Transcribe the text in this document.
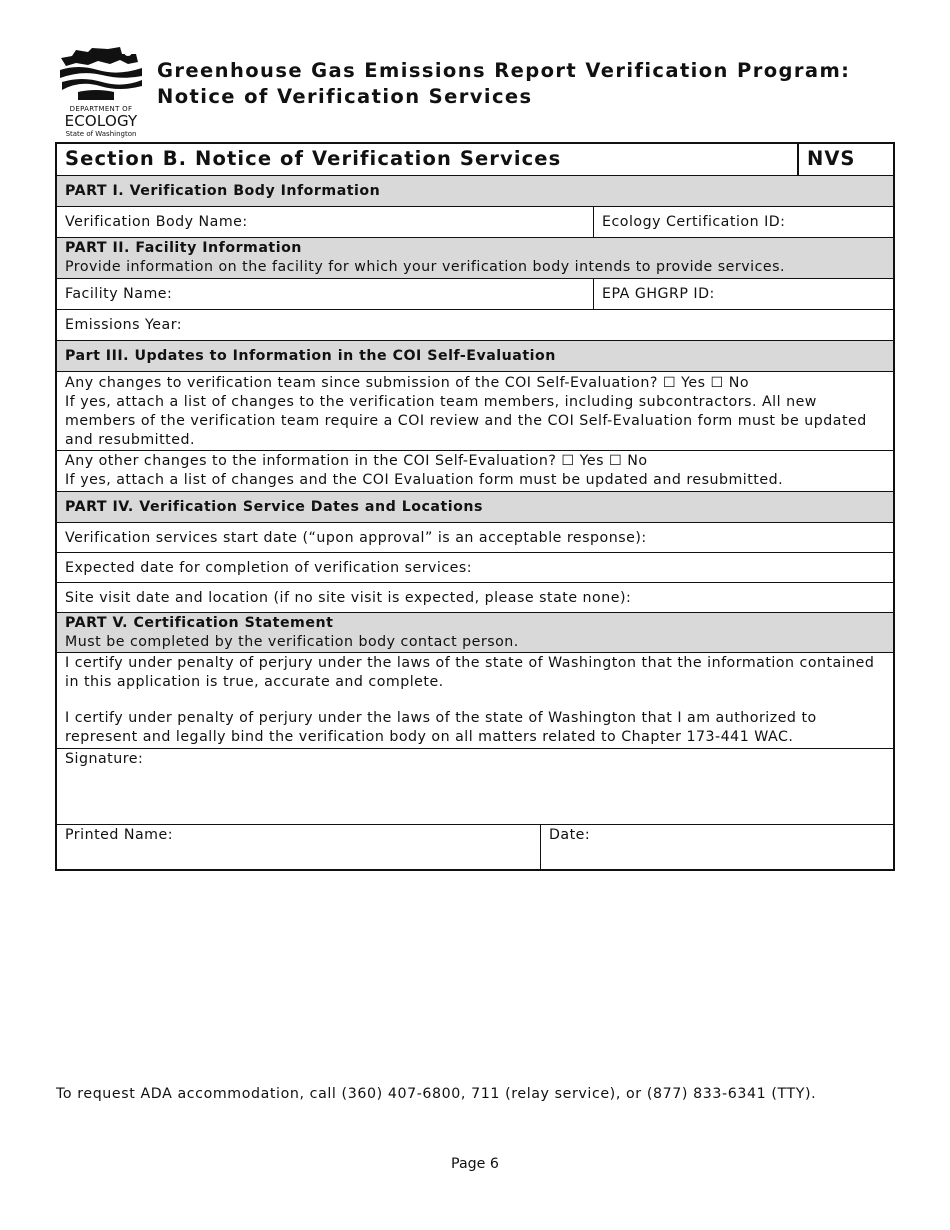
DEPARTMENT OF
ECOLOGY
State of Washington
Greenhouse Gas Emissions Report Verification Program:
Notice of Verification Services
Section B. Notice of Verification Services	NVS
PART I. Verification Body Information
Verification Body Name:	Ecology Certification ID:
PART II. Facility Information
Provide information on the facility for which your verification body intends to provide services.
Facility Name:	EPA GHGRP ID:
Emissions Year:
Part III. Updates to Information in the COI Self-Evaluation
Any changes to verification team since submission of the COI Self-Evaluation? ☐ Yes ☐ No
If yes, attach a list of changes to the verification team members, including subcontractors. All new members of the verification team require a COI review and the COI Self-Evaluation form must be updated and resubmitted.
Any other changes to the information in the COI Self-Evaluation? ☐ Yes ☐ No
If yes, attach a list of changes and the COI Evaluation form must be updated and resubmitted.
PART IV. Verification Service Dates and Locations
Verification services start date (“upon approval” is an acceptable response):
Expected date for completion of verification services:
Site visit date and location (if no site visit is expected, please state none):
PART V. Certification Statement
Must be completed by the verification body contact person.
I certify under penalty of perjury under the laws of the state of Washington that the information contained in this application is true, accurate and complete.
I certify under penalty of perjury under the laws of the state of Washington that I am authorized to represent and legally bind the verification body on all matters related to Chapter 173-441 WAC.
Signature:
Printed Name:	Date:
To request ADA accommodation, call (360) 407-6800, 711 (relay service), or (877) 833-6341 (TTY).
Page 6
